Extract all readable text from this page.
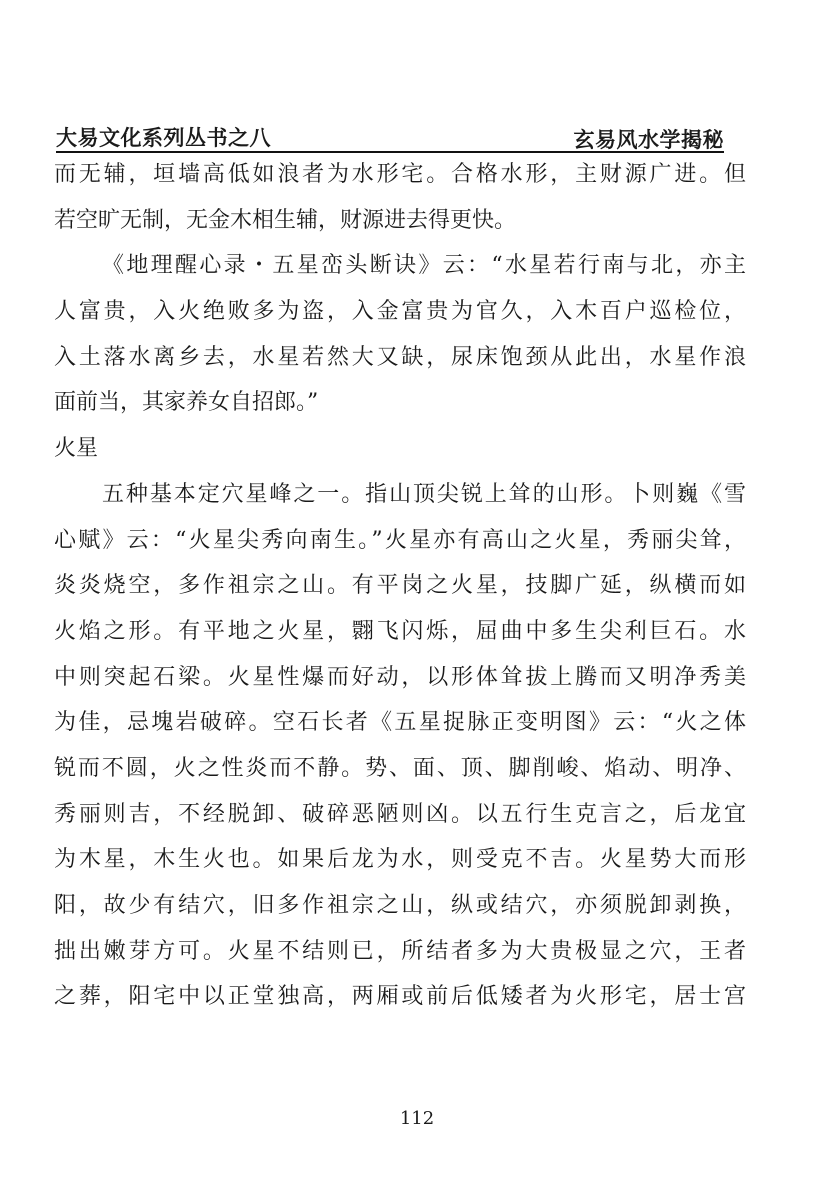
大易文化系列丛书之八	玄易风水学揭秘
而无辅，垣墙高低如浪者为水形宅。合格水形，主财源广进。但
若空旷无制，无金木相生辅，财源进去得更快。
《地理醒心录・五星峦头断诀》云：“水星若行南与北，亦主
人富贵，入火绝败多为盗，入金富贵为官久，入木百户巡检位，
入土落水离乡去，水星若然大又缺，尿床饱颈从此出，水星作浪
面前当，其家养女自招郎。”
火星
五种基本定穴星峰之一。指山顶尖锐上耸的山形。卜则巍《雪
心赋》云：“火星尖秀向南生。”火星亦有高山之火星，秀丽尖耸，
炎炎烧空，多作祖宗之山。有平岗之火星，技脚广延，纵横而如
火焰之形。有平地之火星，翾飞闪烁，屈曲中多生尖利巨石。水
中则突起石梁。火星性爆而好动，以形体耸拔上腾而又明净秀美
为佳，忌塊岩破碎。空石长者《五星捉脉正变明图》云：“火之体
锐而不圆，火之性炎而不静。势、面、顶、脚削峻、焰动、明净、
秀丽则吉，不经脱卸、破碎恶陋则凶。以五行生克言之，后龙宜
为木星，木生火也。如果后龙为水，则受克不吉。火星势大而形
阳，故少有结穴，旧多作祖宗之山，纵或结穴，亦须脱卸剥换，
拙出嫩芽方可。火星不结则已，所结者多为大贵极显之穴，王者
之葬，阳宅中以正堂独高，两厢或前后低矮者为火形宅，居士宫
112
